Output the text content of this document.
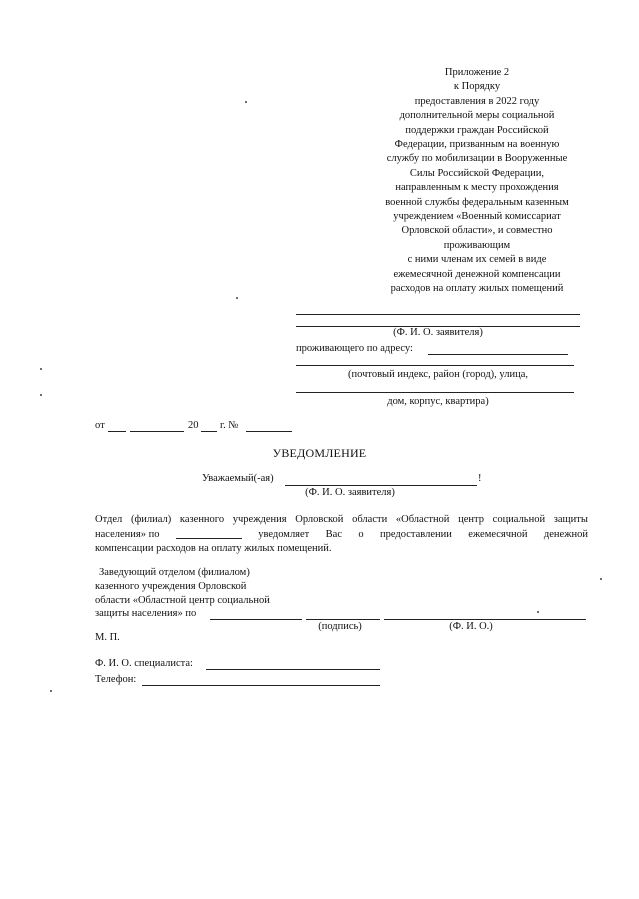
Приложение 2
к Порядку
предоставления в 2022 году
дополнительной меры социальной
поддержки граждан Российской
Федерации, призванным на военную
службу по мобилизации в Вооруженные
Силы Российской Федерации,
направленным к месту прохождения
военной службы федеральным казенным
учреждением «Военный комиссариат
Орловской области», и совместно
проживающим
с ними членам их семей в виде
ежемесячной денежной компенсации
расходов на оплату жилых помещений
(Ф. И. О. заявителя)
проживающего по адресу:
(почтовый индекс, район (город), улица,
дом, корпус, квартира)
от	20 г. №
УВЕДОМЛЕНИЕ
Уважаемый(-ая)	!
(Ф. И. О. заявителя)
Отдел (филиал) казенного учреждения Орловской области «Областной центр социальной защиты
населения» по	уведомляет Вас о предоставлении ежемесячной денежной
компенсации расходов на оплату жилых помещений.
Заведующий отделом (филиалом)
казенного учреждения Орловской
области «Областной центр социальной
защиты населения» по
(подпись)	(Ф. И. О.)
М. П.
Ф. И. О. специалиста:
Телефон:
